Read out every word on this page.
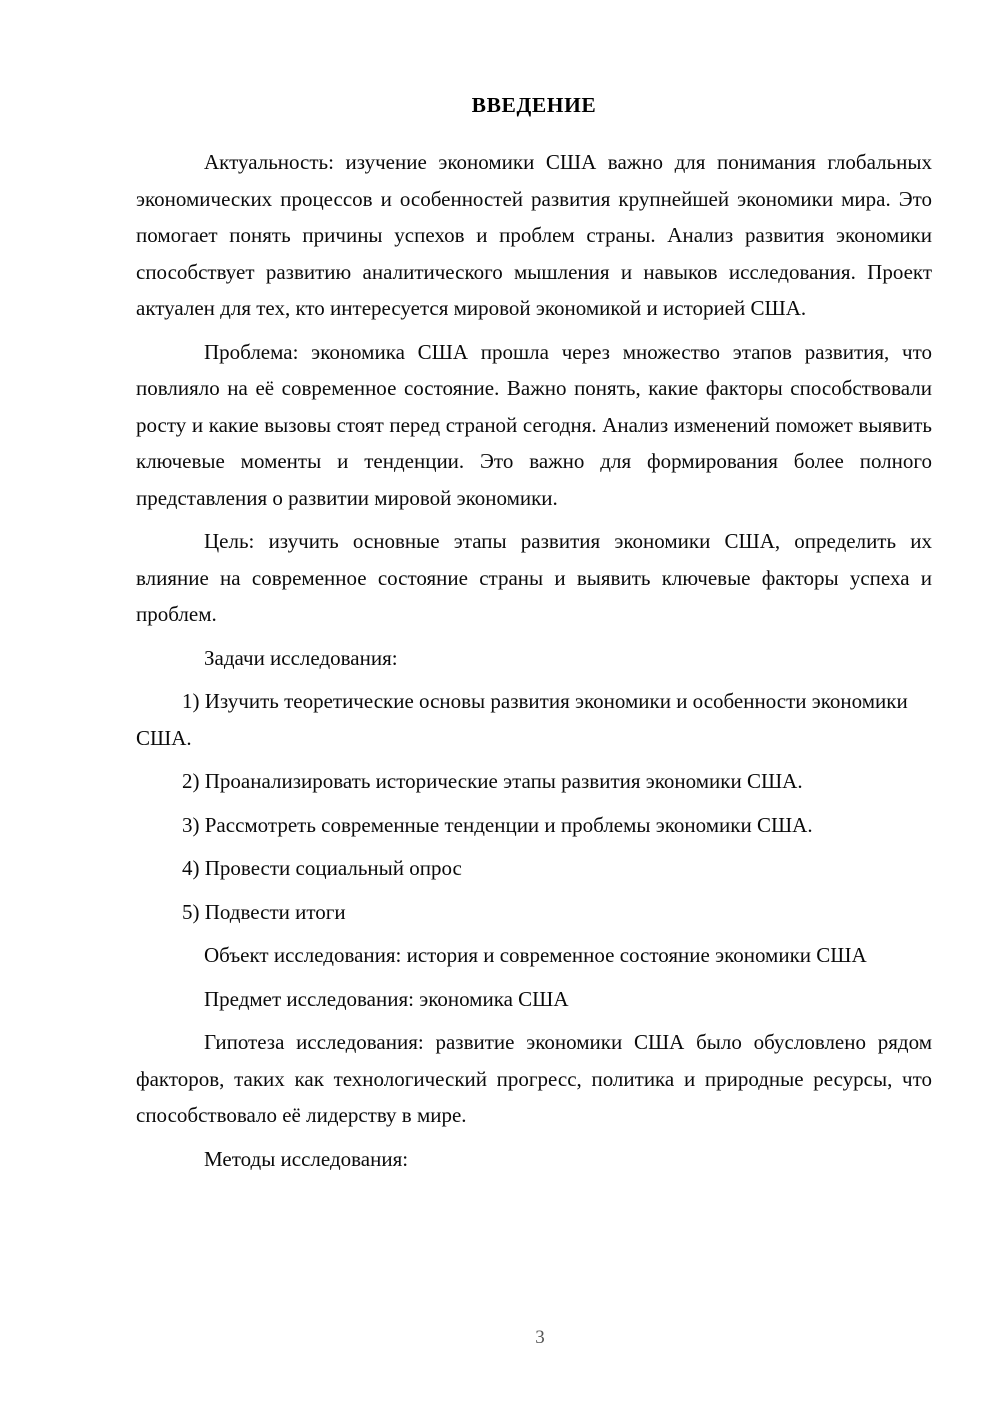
ВВЕДЕНИЕ

Актуальность: изучение экономики США важно для понимания глобальных экономических процессов и особенностей развития крупнейшей экономики мира. Это помогает понять причины успехов и проблем страны. Анализ развития экономики способствует развитию аналитического мышления и навыков исследования. Проект актуален для тех, кто интересуется мировой экономикой и историей США.

Проблема: экономика США прошла через множество этапов развития, что повлияло на её современное состояние. Важно понять, какие факторы способствовали росту и какие вызовы стоят перед страной сегодня. Анализ изменений поможет выявить ключевые моменты и тенденции. Это важно для формирования более полного представления о развитии мировой экономики.

Цель: изучить основные этапы развития экономики США, определить их влияние на современное состояние страны и выявить ключевые факторы успеха и проблем.

Задачи исследования:

1) Изучить теоретические основы развития экономики и особенности экономики США.

2) Проанализировать исторические этапы развития экономики США.

3) Рассмотреть современные тенденции и проблемы экономики США.

4) Провести социальный опрос

5) Подвести итоги

Объект исследования: история и современное состояние экономики США

Предмет исследования: экономика США

Гипотеза исследования: развитие экономики США было обусловлено рядом факторов, таких как технологический прогресс, политика и природные ресурсы, что способствовало её лидерству в мире.

Методы исследования:

3
